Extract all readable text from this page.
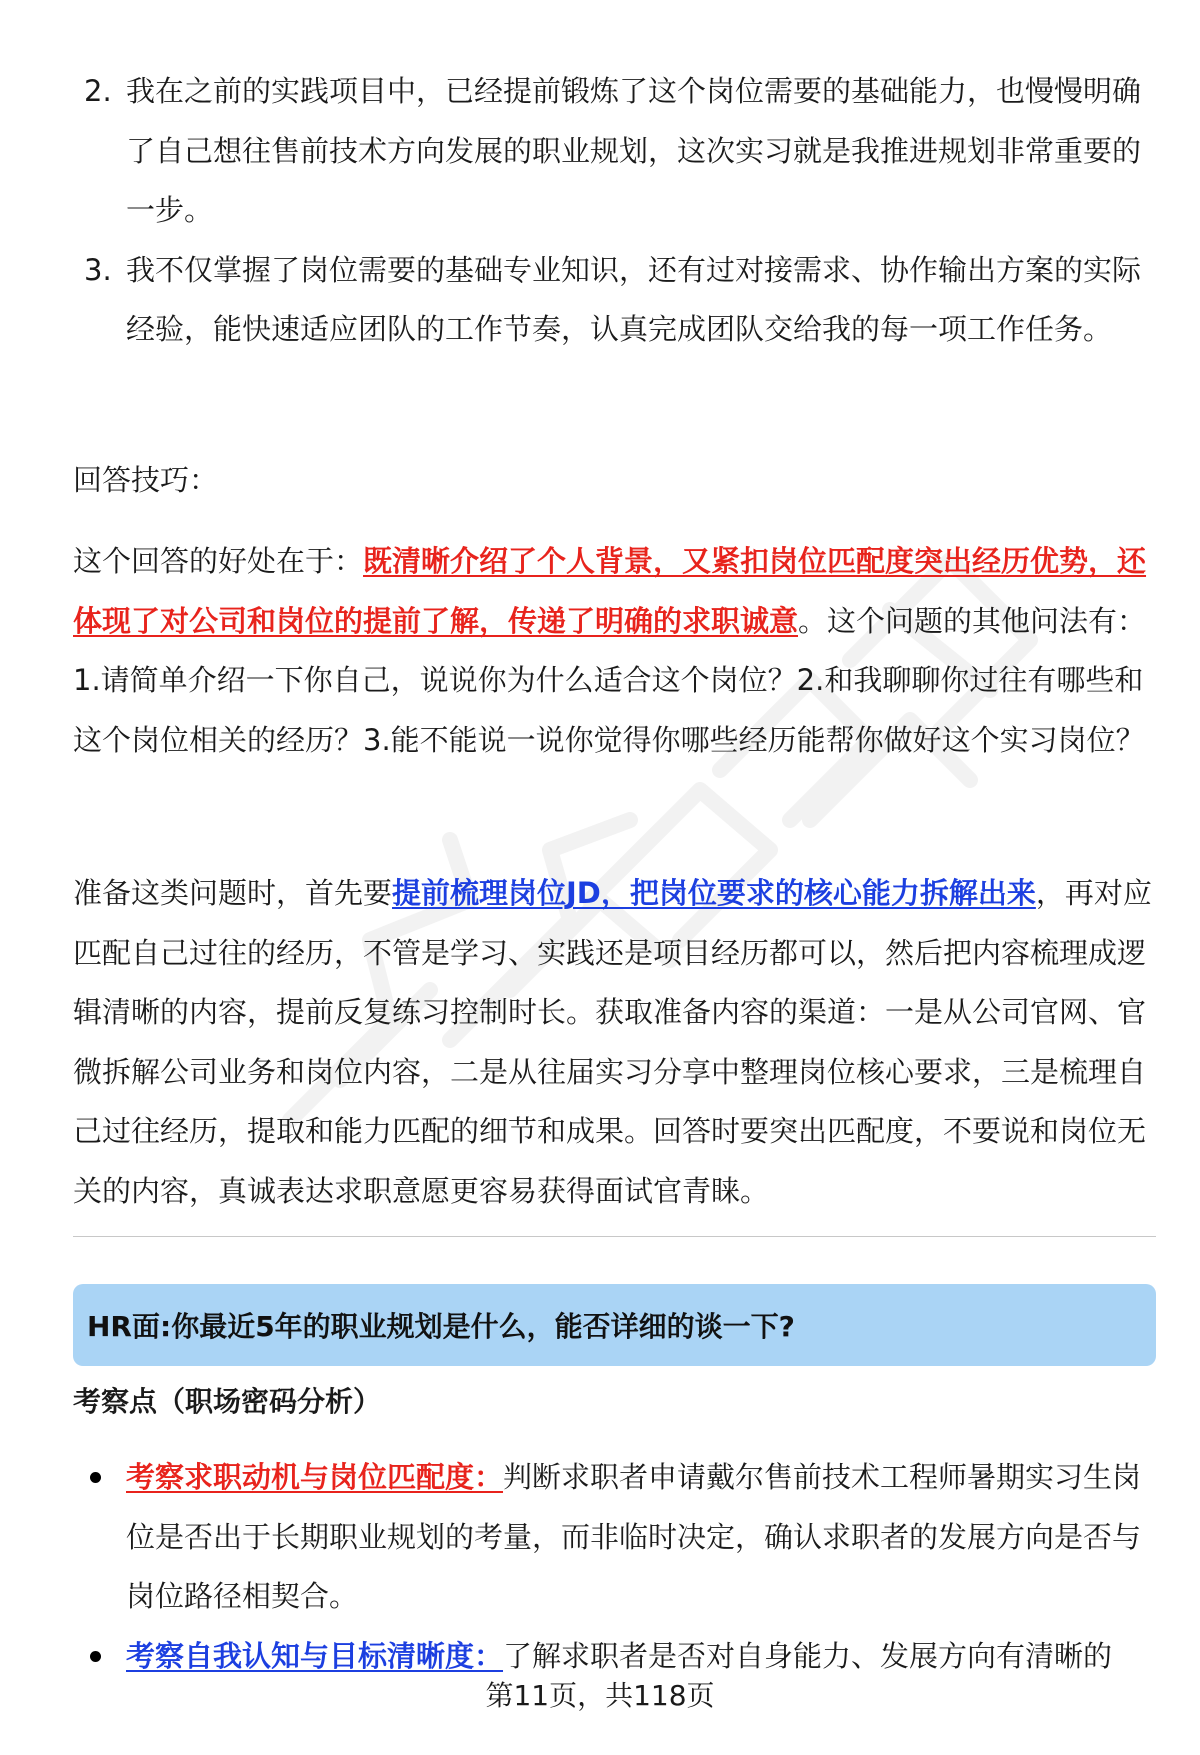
2. 我在之前的实践项目中，已经提前锻炼了这个岗位需要的基础能力，也慢慢明确了自己想往售前技术方向发展的职业规划，这次实习就是我推进规划非常重要的一步。
3. 我不仅掌握了岗位需要的基础专业知识，还有过对接需求、协作输出方案的实际经验，能快速适应团队的工作节奏，认真完成团队交给我的每一项工作任务。

回答技巧：

这个回答的好处在于：既清晰介绍了个人背景，又紧扣岗位匹配度突出经历优势，还体现了对公司和岗位的提前了解，传递了明确的求职诚意。这个问题的其他问法有：1.请简单介绍一下你自己，说说你为什么适合这个岗位？2.和我聊聊你过往有哪些和这个岗位相关的经历？3.能不能说一说你觉得你哪些经历能帮你做好这个实习岗位？

准备这类问题时，首先要提前梳理岗位JD，把岗位要求的核心能力拆解出来，再对应匹配自己过往的经历，不管是学习、实践还是项目经历都可以，然后把内容梳理成逻辑清晰的内容，提前反复练习控制时长。获取准备内容的渠道：一是从公司官网、官微拆解公司业务和岗位内容，二是从往届实习分享中整理岗位核心要求，三是梳理自己过往经历，提取和能力匹配的细节和成果。回答时要突出匹配度，不要说和岗位无关的内容，真诚表达求职意愿更容易获得面试官青睐。

HR面:你最近5年的职业规划是什么，能否详细的谈一下?

考察点（职场密码分析）

考察求职动机与岗位匹配度：判断求职者申请戴尔售前技术工程师暑期实习生岗位是否出于长期职业规划的考量，而非临时决定，确认求职者的发展方向是否与岗位路径相契合。
考察自我认知与目标清晰度：了解求职者是否对自身能力、发展方向有清晰的
第11页，共118页
